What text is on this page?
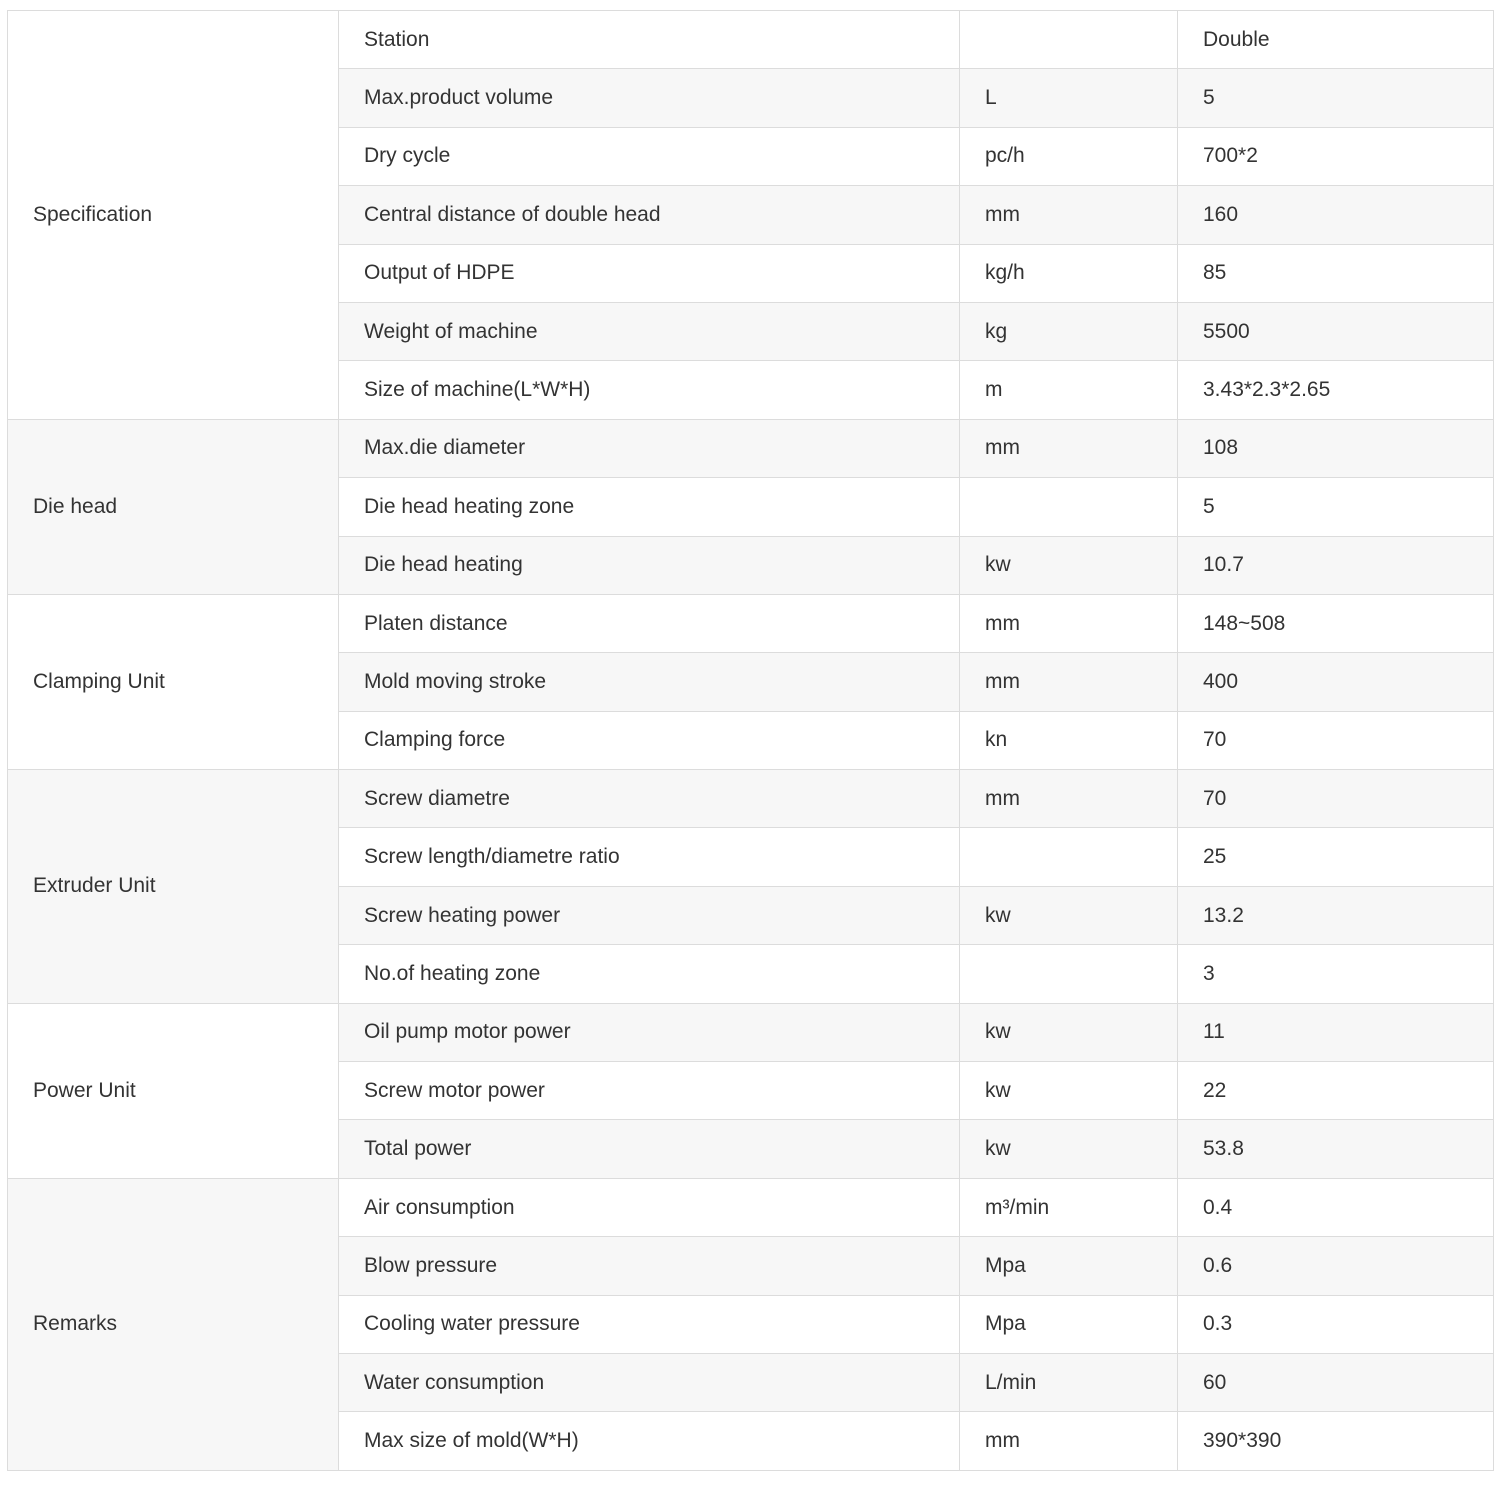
Specification	Station		Double
	Max.product volume	L	5
	Dry cycle	pc/h	700*2
	Central distance of double head	mm	160
	Output of HDPE	kg/h	85
	Weight of machine	kg	5500
	Size of machine(L*W*H)	m	3.43*2.3*2.65
Die head	Max.die diameter	mm	108
	Die head heating zone		5
	Die head heating	kw	10.7
Clamping Unit	Platen distance	mm	148~508
	Mold moving stroke	mm	400
	Clamping force	kn	70
Extruder Unit	Screw diametre	mm	70
	Screw length/diametre ratio		25
	Screw heating power	kw	13.2
	No.of heating zone		3
Power Unit	Oil pump motor power	kw	11
	Screw motor power	kw	22
	Total power	kw	53.8
Remarks	Air consumption	m³/min	0.4
	Blow pressure	Mpa	0.6
	Cooling water pressure	Mpa	0.3
	Water consumption	L/min	60
	Max size of mold(W*H)	mm	390*390
